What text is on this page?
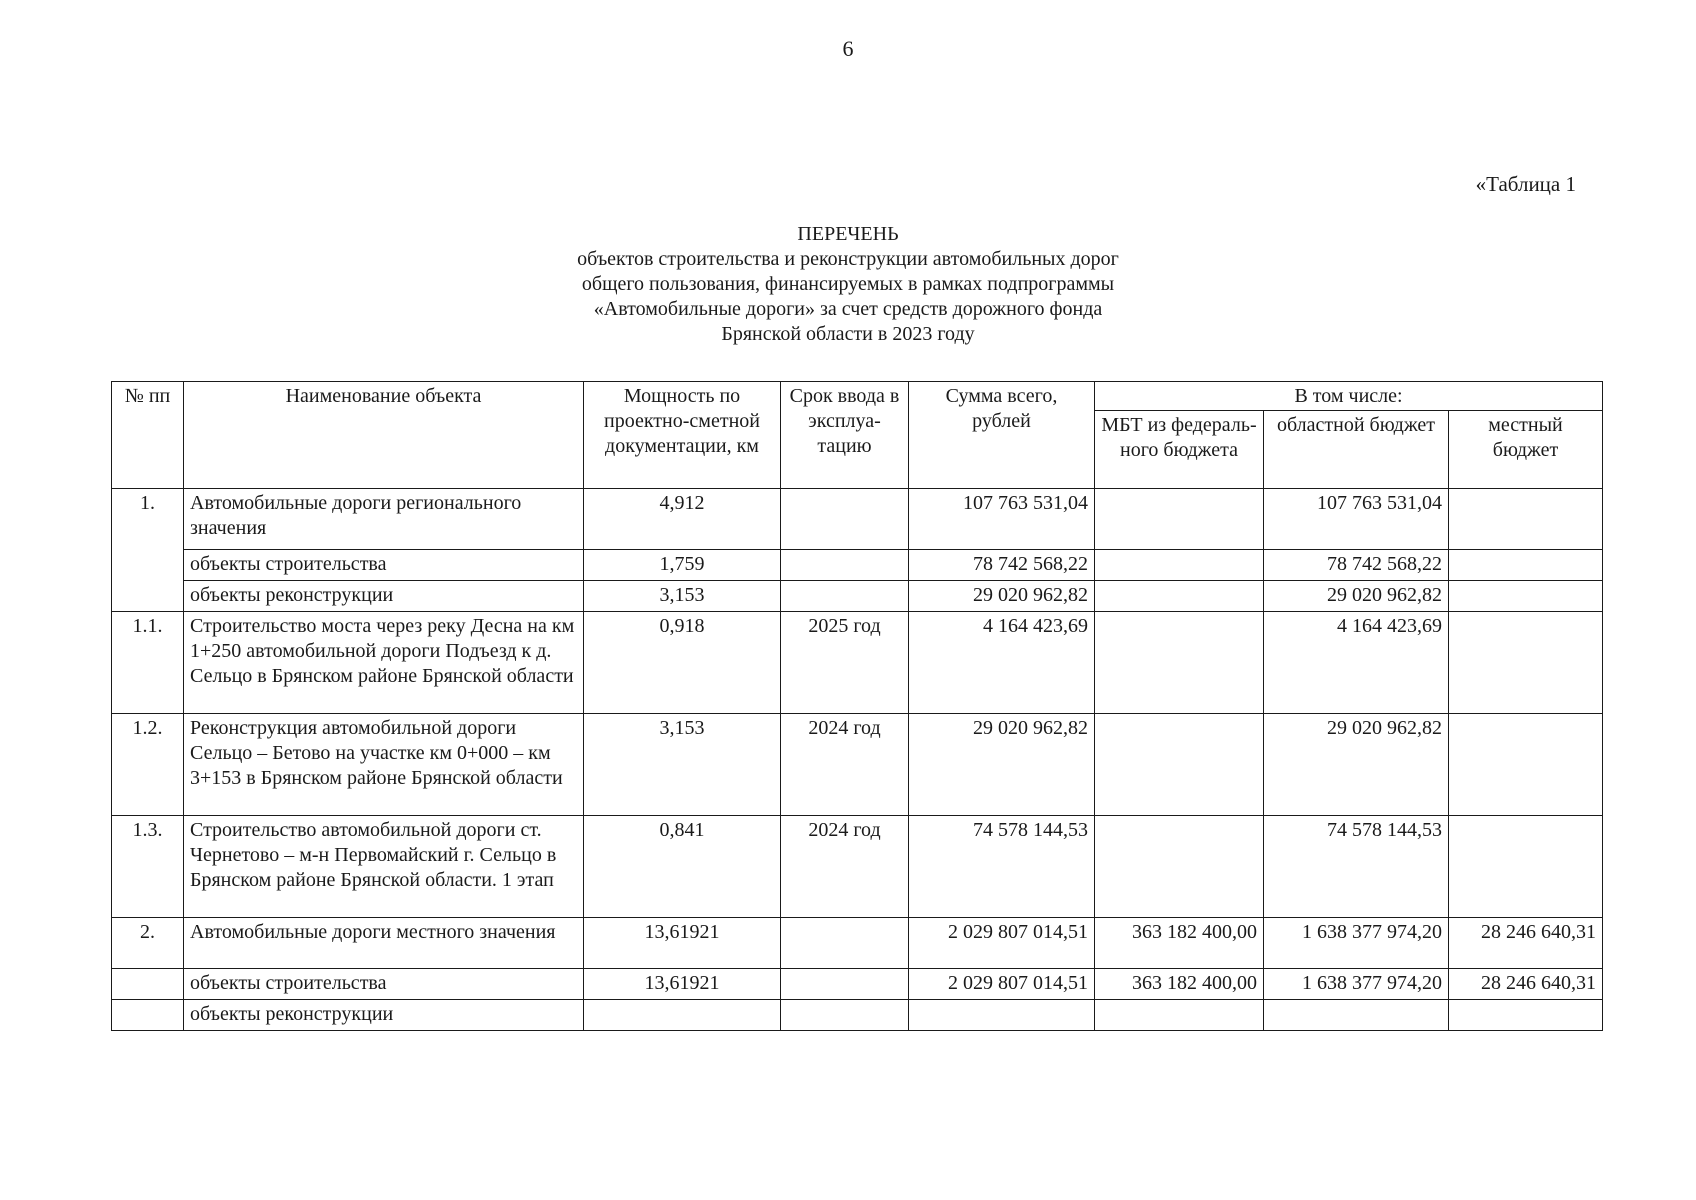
6
«Таблица 1
ПЕРЕЧЕНЬ
объектов строительства и реконструкции автомобильных дорог
общего пользования, финансируемых в рамках подпрограммы
«Автомобильные дороги» за счет средств дорожного фонда
Брянской области в 2023 году
№ пп	Наименование объекта	Мощность по проектно-сметной документации, км	Срок ввода в эксплуа-тацию	Сумма всего, рублей	В том числе:		
					МБТ из федераль-ного бюджета	областной бюджет	местный бюджет
1.	Автомобильные дороги регионального значения	4,912		107 763 531,04		107 763 531,04	
	объекты строительства	1,759		78 742 568,22		78 742 568,22	
	объекты реконструкции	3,153		29 020 962,82		29 020 962,82	
1.1.	Строительство моста через реку Десна на км 1+250 автомобильной дороги Подъезд к д. Сельцо в Брянском районе Брянской области	0,918	2025 год	4 164 423,69		4 164 423,69	
1.2.	Реконструкция автомобильной дороги Сельцо – Бетово на участке км 0+000 – км 3+153 в Брянском районе Брянской области	3,153	2024 год	29 020 962,82		29 020 962,82	
1.3.	Строительство автомобильной дороги ст. Чернетово – м-н Первомайский г. Сельцо в Брянском районе Брянской области. 1 этап	0,841	2024 год	74 578 144,53		74 578 144,53	
2.	Автомобильные дороги местного значения	13,61921		2 029 807 014,51	363 182 400,00	1 638 377 974,20	28 246 640,31
	объекты строительства	13,61921		2 029 807 014,51	363 182 400,00	1 638 377 974,20	28 246 640,31
	объекты реконструкции						
